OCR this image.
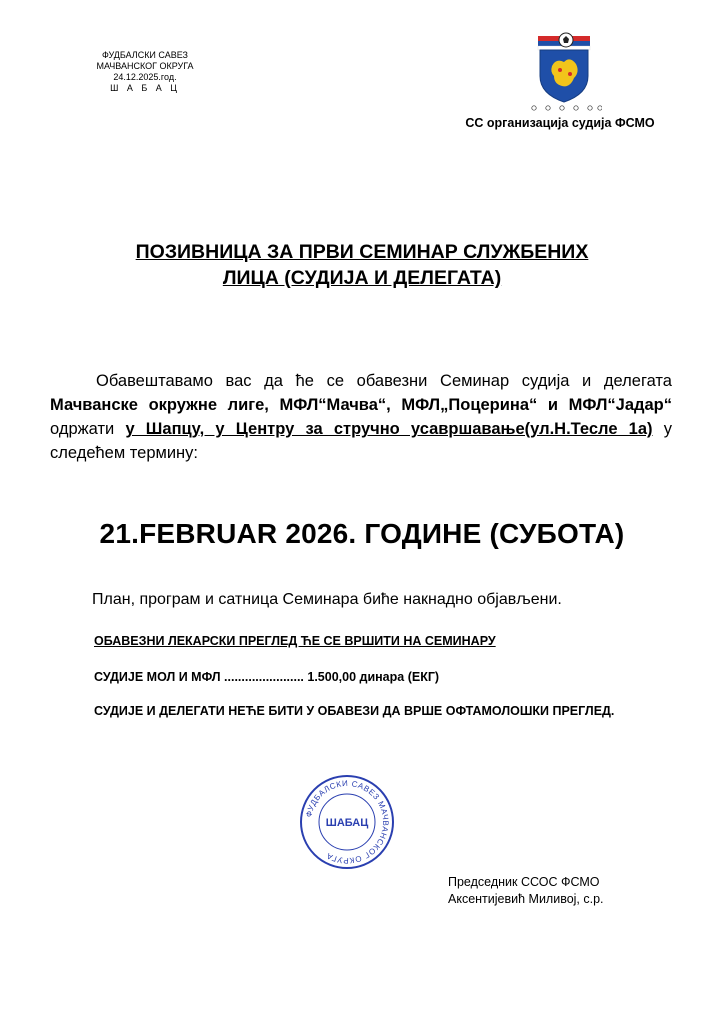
ФУДБАЛСКИ САВЕЗ
МАЧВАНСКОГ ОКРУГА
24.12.2025.год.
Ш А Б А Ц
СС организација судија ФСМО
ПОЗИВНИЦА ЗА ПРВИ СЕМИНАР СЛУЖБЕНИХ
ЛИЦА (СУДИЈА И ДЕЛЕГАТА)
Обавештавамо вас да ће се обавезни Семинар судија и делегата Мачванске окружне лиге, МФЛ“Мачва“, МФЛ„Поцерина“ и МФЛ“Јадар“ одржати у Шапцу, у Центру за стручно усавршавање(ул.Н.Тесле 1а) у следећем термину:
21.FEBRUAR 2026. ГОДИНЕ (СУБОТА)
План, програм и сатница Семинара биће накнадно објављени.
ОБАВЕЗНИ ЛЕКАРСКИ ПРЕГЛЕД ЋЕ СЕ ВРШИТИ НА СЕМИНАРУ
СУДИЈЕ МОЛ И МФЛ ....................... 1.500,00 динара (ЕКГ)
СУДИЈЕ И ДЕЛЕГАТИ НЕЋЕ БИТИ У ОБАВЕЗИ ДА ВРШЕ ОФТАМОЛОШКИ ПРЕГЛЕД.
ФУДБАЛСКИ САВЕЗ МАЧВАНСКОГ ОКРУГА
ШАБАЦ
Председник ССОС ФСМО
Аксентијевић Миливој, с.р.
